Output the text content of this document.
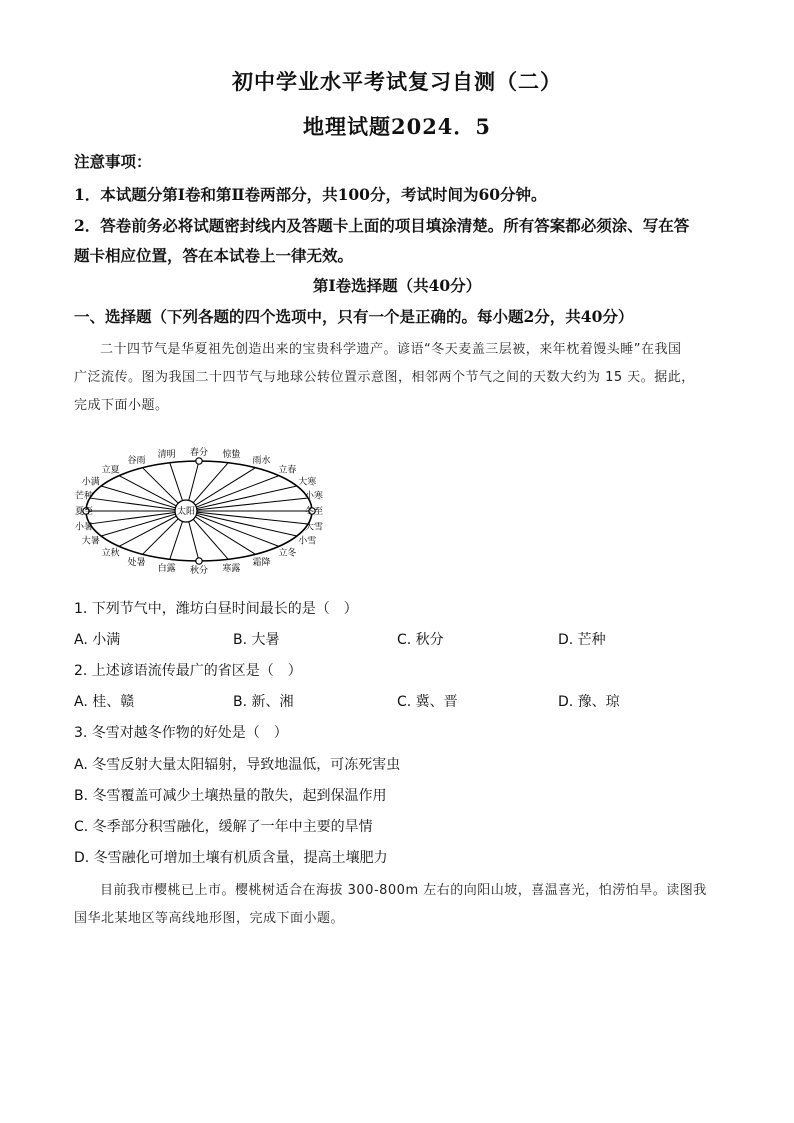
初中学业水平考试复习自测（二）
地理试题2024．5
注意事项：
1．本试题分第Ⅰ卷和第Ⅱ卷两部分，共100分，考试时间为60分钟。
2．答卷前务必将试题密封线内及答题卡上面的项目填涂清楚。所有答案都必须涂、写在答
题卡相应位置，答在本试卷上一律无效。
第Ⅰ卷选择题（共40分）
一、选择题（下列各题的四个选项中，只有一个是正确的。每小题2分，共40分）
二十四节气是华夏祖先创造出来的宝贵科学遗产。谚语“冬天麦盖三层被，来年枕着馒头睡”在我国
广泛流传。图为我国二十四节气与地球公转位置示意图，相邻两个节气之间的天数大约为 15 天。据此，
完成下面小题。
太阳
春分
清明
谷雨
立夏
小满
芒种
夏至
小暑
大暑
立秋
处暑
白露 秋分 寒露
霜降
立冬
小雪
大雪
冬至
小寒
大寒
立春
雨水
惊蛰
1. 下列节气中，潍坊白昼时间最长的是（　）
A. 小满	B. 大暑	C. 秋分	D. 芒种
2. 上述谚语流传最广的省区是（　）
A. 桂、赣	B. 新、湘	C. 冀、晋	D. 豫、琼
3. 冬雪对越冬作物的好处是（　）
A. 冬雪反射大量太阳辐射，导致地温低，可冻死害虫
B. 冬雪覆盖可减少土壤热量的散失，起到保温作用
C. 冬季部分积雪融化，缓解了一年中主要的旱情
D. 冬雪融化可增加土壤有机质含量，提高土壤肥力
目前我市樱桃已上市。樱桃树适合在海拔 300-800m 左右的向阳山坡，喜温喜光，怕涝怕旱。读图我
国华北某地区等高线地形图，完成下面小题。
